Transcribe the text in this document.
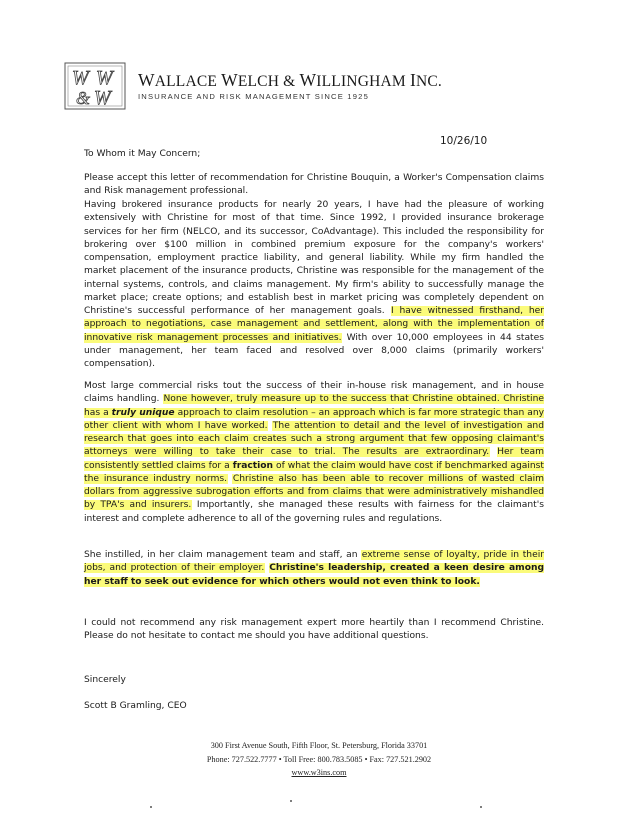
W W
& W
WALLACE WELCH & WILLINGHAM INC.
INSURANCE AND RISK MANAGEMENT SINCE 1925
10/26/10
To Whom it May Concern;
Please accept this letter of recommendation for Christine Bouquin, a Worker's Compensation claims and Risk management professional.
Having brokered insurance products for nearly 20 years, I have had the pleasure of working extensively with Christine for most of that time. Since 1992, I provided insurance brokerage services for her firm (NELCO, and its successor, CoAdvantage). This included the responsibility for brokering over $100 million in combined premium exposure for the company's workers' compensation, employment practice liability, and general liability. While my firm handled the market placement of the insurance products, Christine was responsible for the management of the internal systems, controls, and claims management. My firm's ability to successfully manage the market place; create options; and establish best in market pricing was completely dependent on Christine's successful performance of her management goals. I have witnessed firsthand, her approach to negotiations, case management and settlement, along with the implementation of innovative risk management processes and initiatives. With over 10,000 employees in 44 states under management, her team faced and resolved over 8,000 claims (primarily workers' compensation).
Most large commercial risks tout the success of their in-house risk management, and in house claims handling. None however, truly measure up to the success that Christine obtained. Christine has a truly unique approach to claim resolution – an approach which is far more strategic than any other client with whom I have worked. The attention to detail and the level of investigation and research that goes into each claim creates such a strong argument that few opposing claimant's attorneys were willing to take their case to trial. The results are extraordinary. Her team consistently settled claims for a fraction of what the claim would have cost if benchmarked against the insurance industry norms. Christine also has been able to recover millions of wasted claim dollars from aggressive subrogation efforts and from claims that were administratively mishandled by TPA's and insurers. Importantly, she managed these results with fairness for the claimant's interest and complete adherence to all of the governing rules and regulations.
She instilled, in her claim management team and staff, an extreme sense of loyalty, pride in their jobs, and protection of their employer. Christine's leadership, created a keen desire among her staff to seek out evidence for which others would not even think to look.
I could not recommend any risk management expert more heartily than I recommend Christine. Please do not hesitate to contact me should you have additional questions.
Sincerely
Scott B Gramling, CEO
300 First Avenue South, Fifth Floor, St. Petersburg, Florida 33701
Phone: 727.522.7777 • Toll Free: 800.783.5085 • Fax: 727.521.2902
www.w3ins.com
